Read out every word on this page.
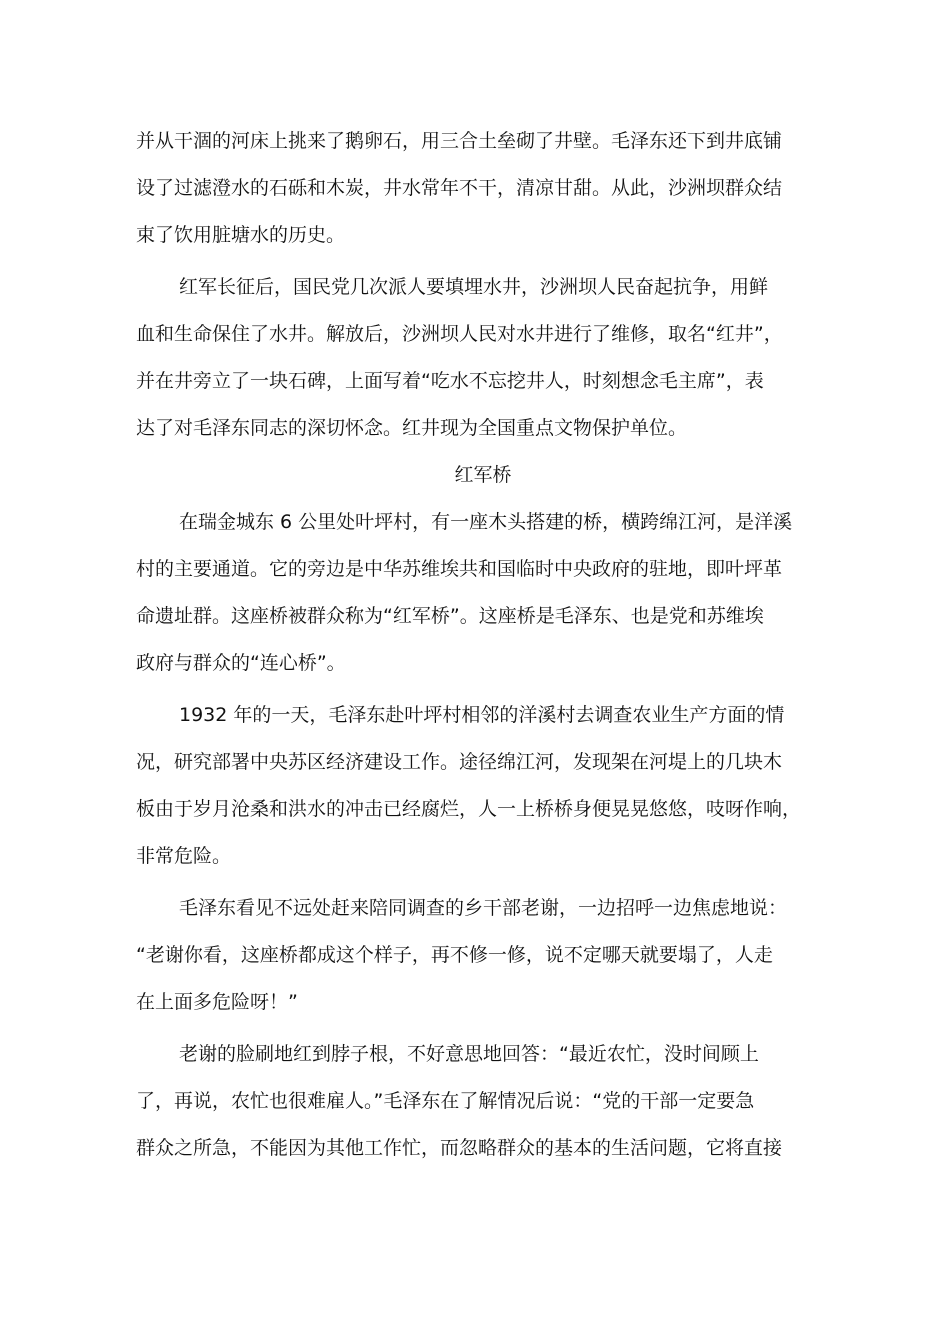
并从干涸的河床上挑来了鹅卵石，用三合土垒砌了井壁。毛泽东还下到井底铺
设了过滤澄水的石砾和木炭，井水常年不干，清凉甘甜。从此，沙洲坝群众结
束了饮用脏塘水的历史。
红军长征后，国民党几次派人要填埋水井，沙洲坝人民奋起抗争，用鲜
血和生命保住了水井。解放后，沙洲坝人民对水井进行了维修，取名“红井”，
并在井旁立了一块石碑，上面写着“吃水不忘挖井人，时刻想念毛主席”，表
达了对毛泽东同志的深切怀念。红井现为全国重点文物保护单位。
红军桥
在瑞金城东 6 公里处叶坪村，有一座木头搭建的桥，横跨绵江河，是洋溪
村的主要通道。它的旁边是中华苏维埃共和国临时中央政府的驻地，即叶坪革
命遗址群。这座桥被群众称为“红军桥”。这座桥是毛泽东、也是党和苏维埃
政府与群众的“连心桥”。
1932 年的一天，毛泽东赴叶坪村相邻的洋溪村去调查农业生产方面的情
况，研究部署中央苏区经济建设工作。途径绵江河，发现架在河堤上的几块木
板由于岁月沧桑和洪水的冲击已经腐烂，人一上桥桥身便晃晃悠悠，吱呀作响，
非常危险。
毛泽东看见不远处赶来陪同调查的乡干部老谢，一边招呼一边焦虑地说：
“老谢你看，这座桥都成这个样子，再不修一修，说不定哪天就要塌了，人走
在上面多危险呀！”
老谢的脸刷地红到脖子根，不好意思地回答：“最近农忙，没时间顾上
了，再说，农忙也很难雇人。”毛泽东在了解情况后说：“党的干部一定要急
群众之所急，不能因为其他工作忙，而忽略群众的基本的生活问题，它将直接
